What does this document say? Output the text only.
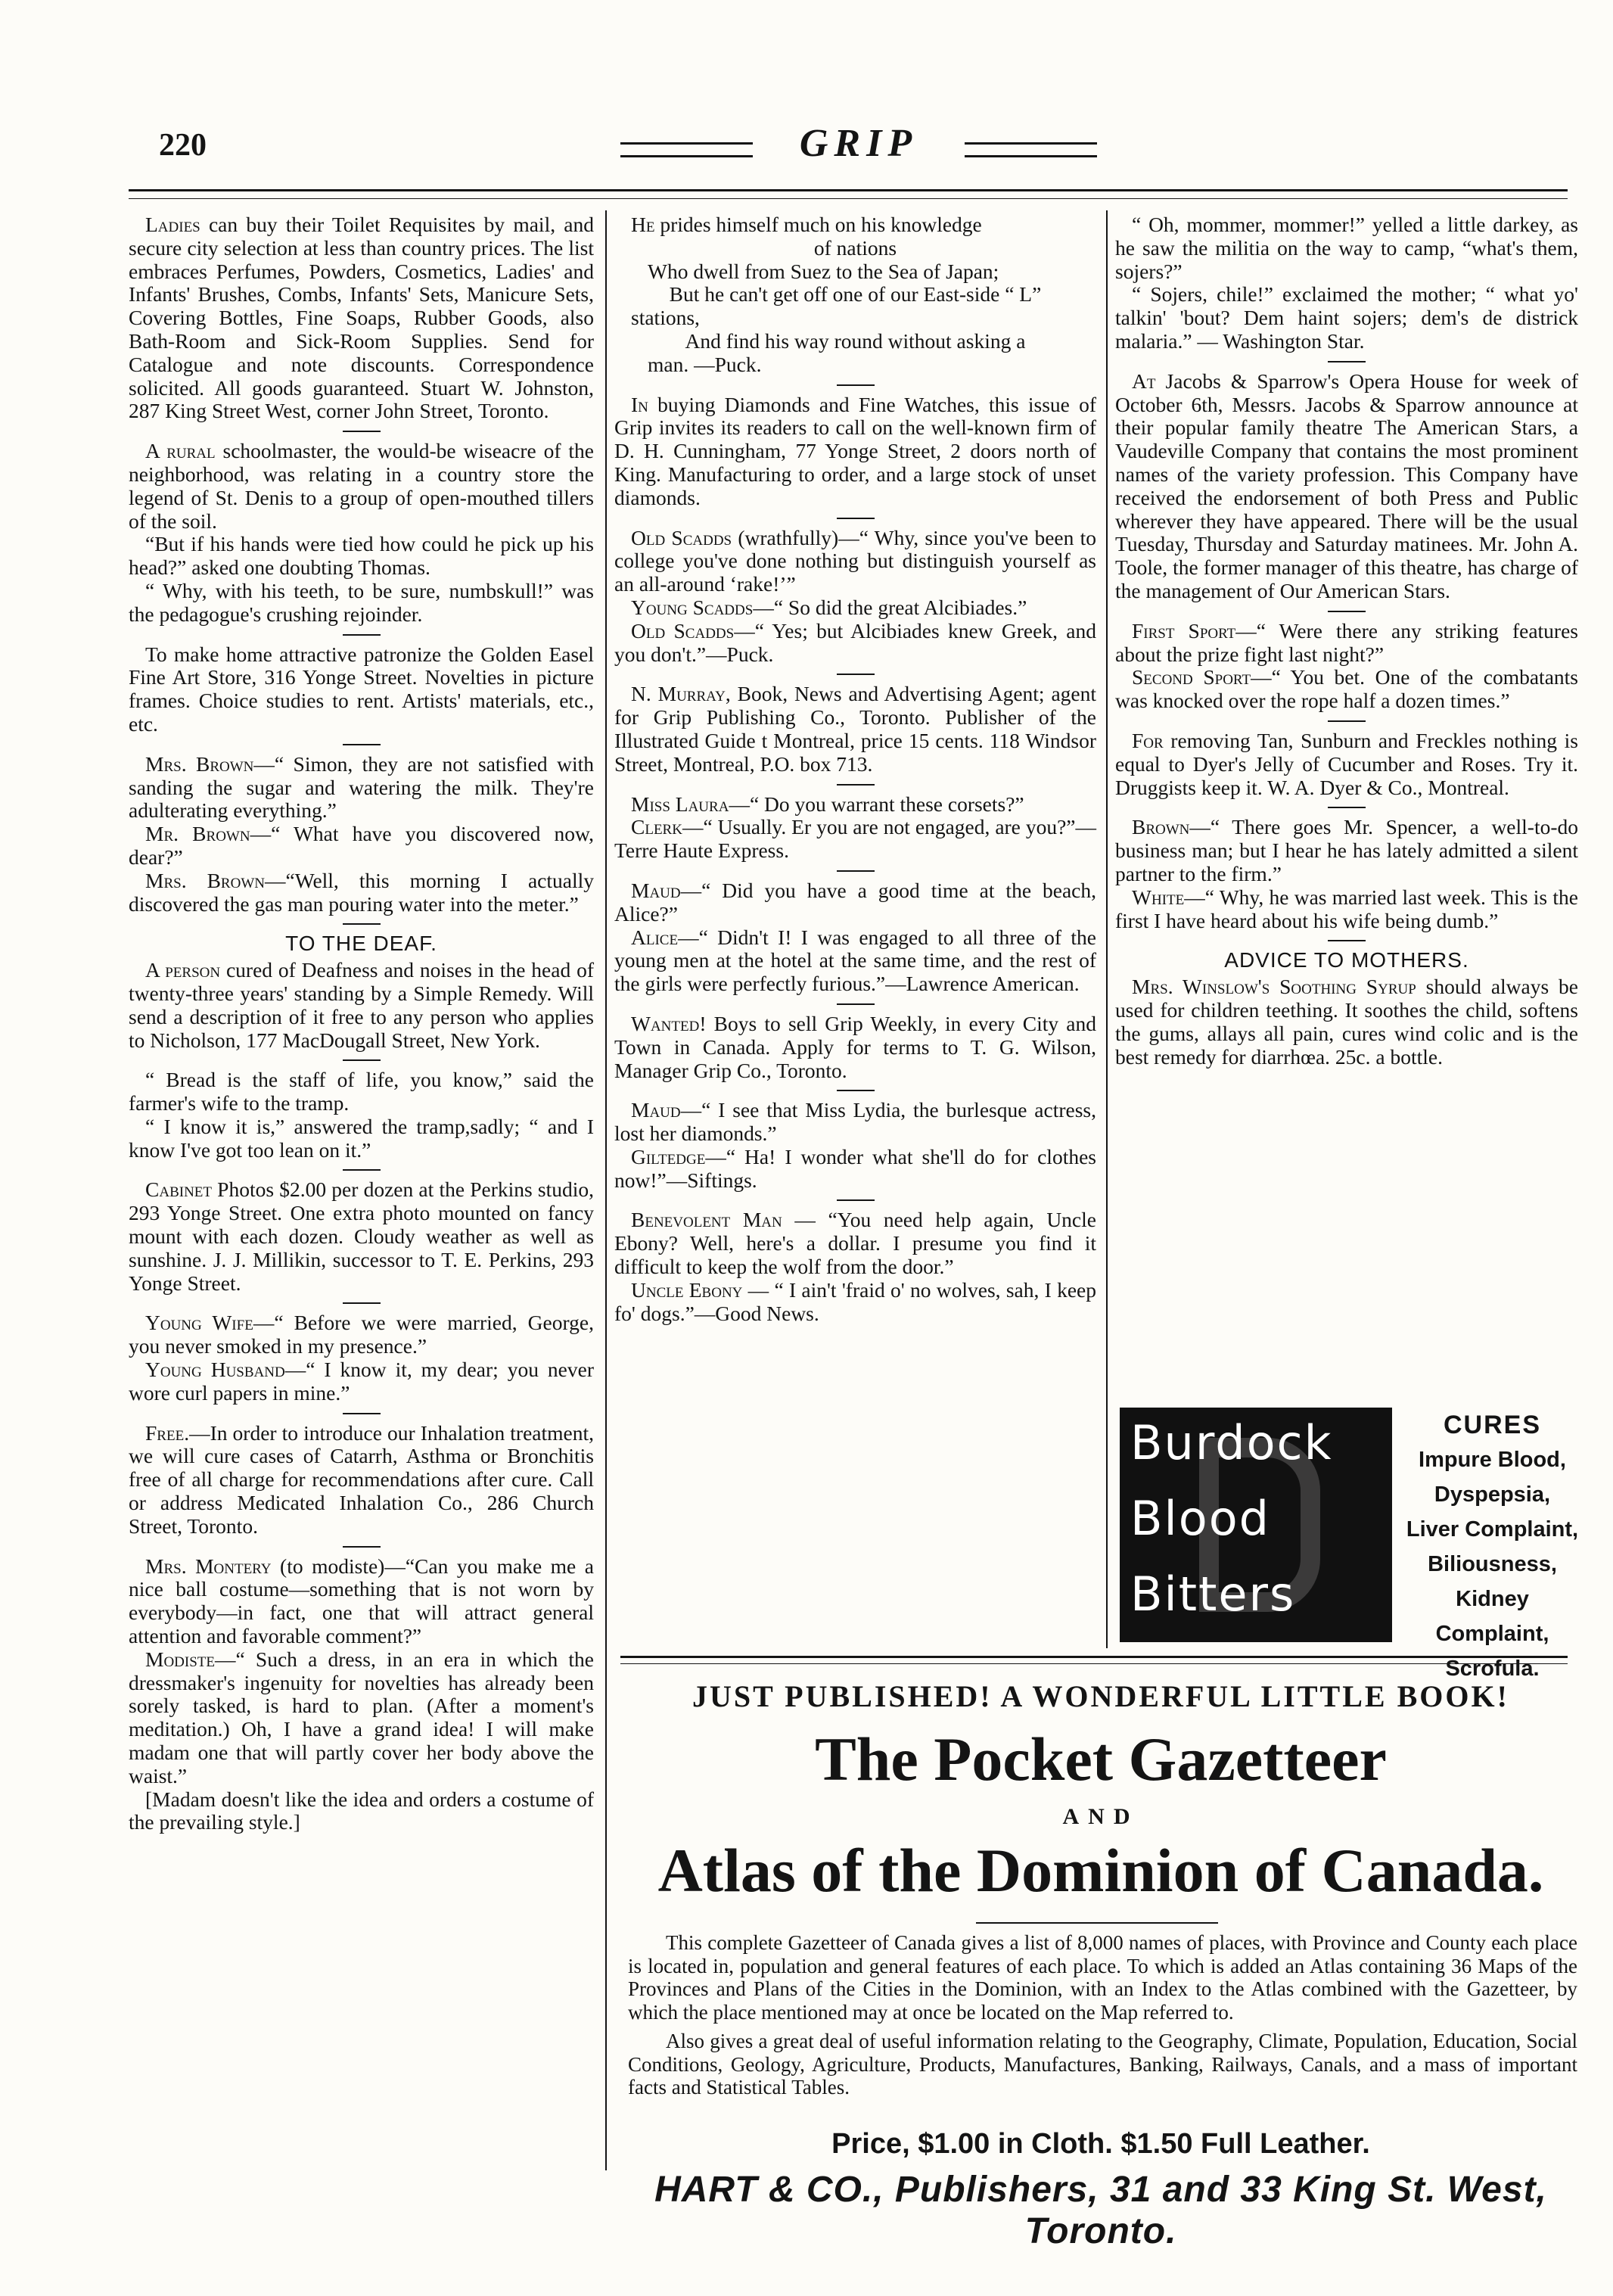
220	GRIP

Ladies can buy their Toilet Requisites by mail, and secure city selection at less than country prices. The list embraces Perfumes, Powders, Cosmetics, Ladies' and Infants' Brushes, Combs, Infants' Sets, Manicure Sets, Covering Bottles, Fine Soaps, Rubber Goods, also Bath-Room and Sick-Room Supplies. Send for Catalogue and note discounts. Correspondence solicited. All goods guaranteed. Stuart W. Johnston, 287 King Street West, corner John Street, Toronto.

A rural schoolmaster, the would-be wiseacre of the neighborhood, was relating in a country store the legend of St. Denis to a group of open-mouthed tillers of the soil.

“But if his hands were tied how could he pick up his head?” asked one doubting Thomas.

“ Why, with his teeth, to be sure, numbskull!” was the pedagogue's crushing rejoinder.

To make home attractive patronize the Golden Easel Fine Art Store, 316 Yonge Street. Novelties in picture frames. Choice studies to rent. Artists' materials, etc., etc.

Mrs. Brown—“ Simon, they are not satisfied with sanding the sugar and watering the milk. They're adulterating everything.”

Mr. Brown—“ What have you discovered now, dear?”

Mrs. Brown—“Well, this morning I actually discovered the gas man pouring water into the meter.”

TO THE DEAF.

A person cured of Deafness and noises in the head of twenty-three years' standing by a Simple Remedy. Will send a description of it free to any person who applies to Nicholson, 177 MacDougall Street, New York.

“ Bread is the staff of life, you know,” said the farmer's wife to the tramp.

“ I know it is,” answered the tramp,sadly; “ and I know I've got too lean on it.”

Cabinet Photos $2.00 per dozen at the Perkins studio, 293 Yonge Street. One extra photo mounted on fancy mount with each dozen. Cloudy weather as well as sunshine. J. J. Millikin, successor to T. E. Perkins, 293 Yonge Street.

Young Wife—“ Before we were married, George, you never smoked in my presence.”

Young Husband—“ I know it, my dear; you never wore curl papers in mine.”

Free.—In order to introduce our Inhalation treatment, we will cure cases of Catarrh, Asthma or Bronchitis free of all charge for recommendations after cure. Call or address Medicated Inhalation Co., 286 Church Street, Toronto.

Mrs. Montery (to modiste)—“Can you make me a nice ball costume—something that is not worn by everybody—in fact, one that will attract general attention and favorable comment?”

Modiste—“ Such a dress, in an era in which the dressmaker's ingenuity for novelties has already been sorely tasked, is hard to plan. (After a moment's meditation.) Oh, I have a grand idea! I will make madam one that will partly cover her body above the waist.”

[Madam doesn't like the idea and orders a costume of the prevailing style.]

He prides himself much on his knowledge

of nations

Who dwell from Suez to the Sea of Japan;

But he can't get off one of our East-side “ L”

stations,

And find his way round without asking a

man. —Puck.

In buying Diamonds and Fine Watches, this issue of Grip invites its readers to call on the well-known firm of D. H. Cunningham, 77 Yonge Street, 2 doors north of King. Manufacturing to order, and a large stock of unset diamonds.

Old Scadds (wrathfully)—“ Why, since you've been to college you've done nothing but distinguish yourself as an all-around ‘rake!’”

Young Scadds—“ So did the great Alcibiades.”

Old Scadds—“ Yes; but Alcibiades knew Greek, and you don't.”—Puck.

N. Murray, Book, News and Advertising Agent; agent for Grip Publishing Co., Toronto. Publisher of the Illustrated Guide t Montreal, price 15 cents. 118 Windsor Street, Montreal, P.O. box 713.

Miss Laura—“ Do you warrant these corsets?”

Clerk—“ Usually. Er you are not engaged, are you?”—Terre Haute Express.

Maud—“ Did you have a good time at the beach, Alice?”

Alice—“ Didn't I! I was engaged to all three of the young men at the hotel at the same time, and the rest of the girls were perfectly furious.”—Lawrence American.

Wanted! Boys to sell Grip Weekly, in every City and Town in Canada. Apply for terms to T. G. Wilson, Manager Grip Co., Toronto.

Maud—“ I see that Miss Lydia, the burlesque actress, lost her diamonds.”

Giltedge—“ Ha! I wonder what she'll do for clothes now!”—Siftings.

Benevolent Man — “You need help again, Uncle Ebony? Well, here's a dollar. I presume you find it difficult to keep the wolf from the door.”

Uncle Ebony — “ I ain't 'fraid o' no wolves, sah, I keep fo' dogs.”—Good News.

“ Oh, mommer, mommer!” yelled a little darkey, as he saw the militia on the way to camp, “what's them, sojers?”

“ Sojers, chile!” exclaimed the mother; “ what yo' talkin' 'bout? Dem haint sojers; dem's de districk malaria.” — Washington Star.

At Jacobs & Sparrow's Opera House for week of October 6th, Messrs. Jacobs & Sparrow announce at their popular family theatre The American Stars, a Vaudeville Company that contains the most prominent names of the variety profession. This Company have received the endorsement of both Press and Public wherever they have appeared. There will be the usual Tuesday, Thursday and Saturday matinees. Mr. John A. Toole, the former manager of this theatre, has charge of the management of Our American Stars.

First Sport—“ Were there any striking features about the prize fight last night?”

Second Sport—“ You bet. One of the combatants was knocked over the rope half a dozen times.”

For removing Tan, Sunburn and Freckles nothing is equal to Dyer's Jelly of Cucumber and Roses. Try it. Druggists keep it. W. A. Dyer & Co., Montreal.

Brown—“ There goes Mr. Spencer, a well-to-do business man; but I hear he has lately admitted a silent partner to the firm.”

White—“ Why, he was married last week. This is the first I have heard about his wife being dumb.”

ADVICE TO MOTHERS.

Mrs. Winslow's Soothing Syrup should always be used for children teething. It soothes the child, softens the gums, allays all pain, cures wind colic and is the best remedy for diarrhœa. 25c. a bottle.

Burdock
Blood
Bitters
CURES
Impure Blood,
Dyspepsia,
Liver Complaint,
Biliousness,
Kidney Complaint,
Scrofula.
JUST PUBLISHED! A WONDERFUL LITTLE BOOK!
The Pocket Gazetteer
AND
Atlas of the Dominion of Canada.

This complete Gazetteer of Canada gives a list of 8,000 names of places, with Province and County each place is located in, population and general features of each place. To which is added an Atlas containing 36 Maps of the Provinces and Plans of the Cities in the Dominion, with an Index to the Atlas combined with the Gazetteer, by which the place mentioned may at once be located on the Map referred to.

Also gives a great deal of useful information relating to the Geography, Climate, Population, Education, Social Conditions, Geology, Agriculture, Products, Manufactures, Banking, Railways, Canals, and a mass of important facts and Statistical Tables.

Price, $1.00 in Cloth. $1.50 Full Leather.
HART & CO., Publishers, 31 and 33 King St. West, Toronto.
